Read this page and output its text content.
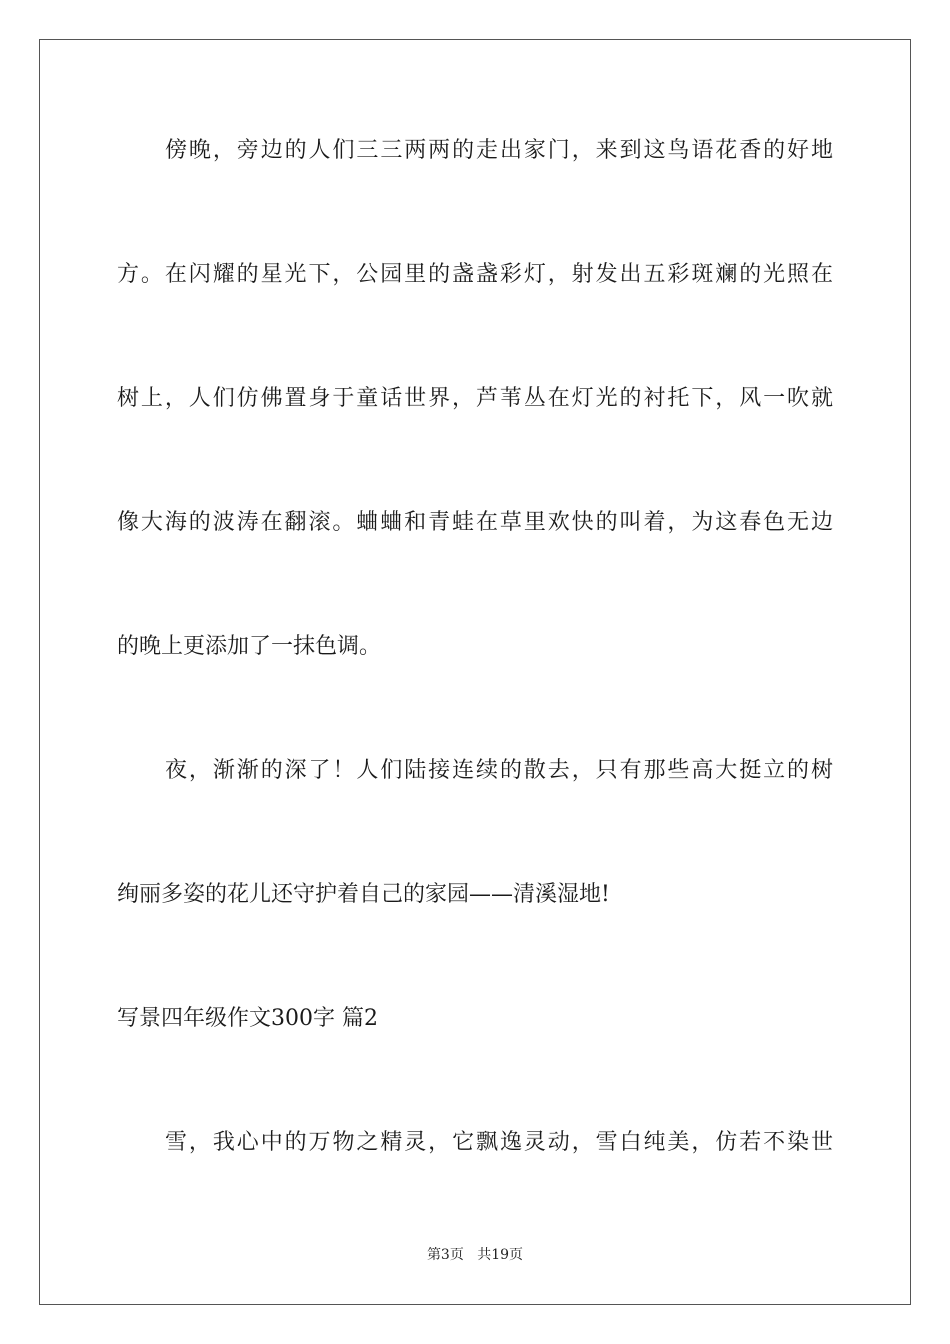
傍晚，旁边的人们三三两两的走出家门，来到这鸟语花香的好地
方。在闪耀的星光下，公园里的盏盏彩灯，射发出五彩斑斓的光照在
树上，人们仿佛置身于童话世界，芦苇丛在灯光的衬托下，风一吹就
像大海的波涛在翻滚。蛐蛐和青蛙在草里欢快的叫着，为这春色无边
的晚上更添加了一抹色调。
夜，渐渐的深了！人们陆接连续的散去，只有那些高大挺立的树
绚丽多姿的花儿还守护着自己的家园——清溪湿地!
写景四年级作文300字 篇2
雪，我心中的万物之精灵，它飘逸灵动，雪白纯美，仿若不染世
第3页 共19页
